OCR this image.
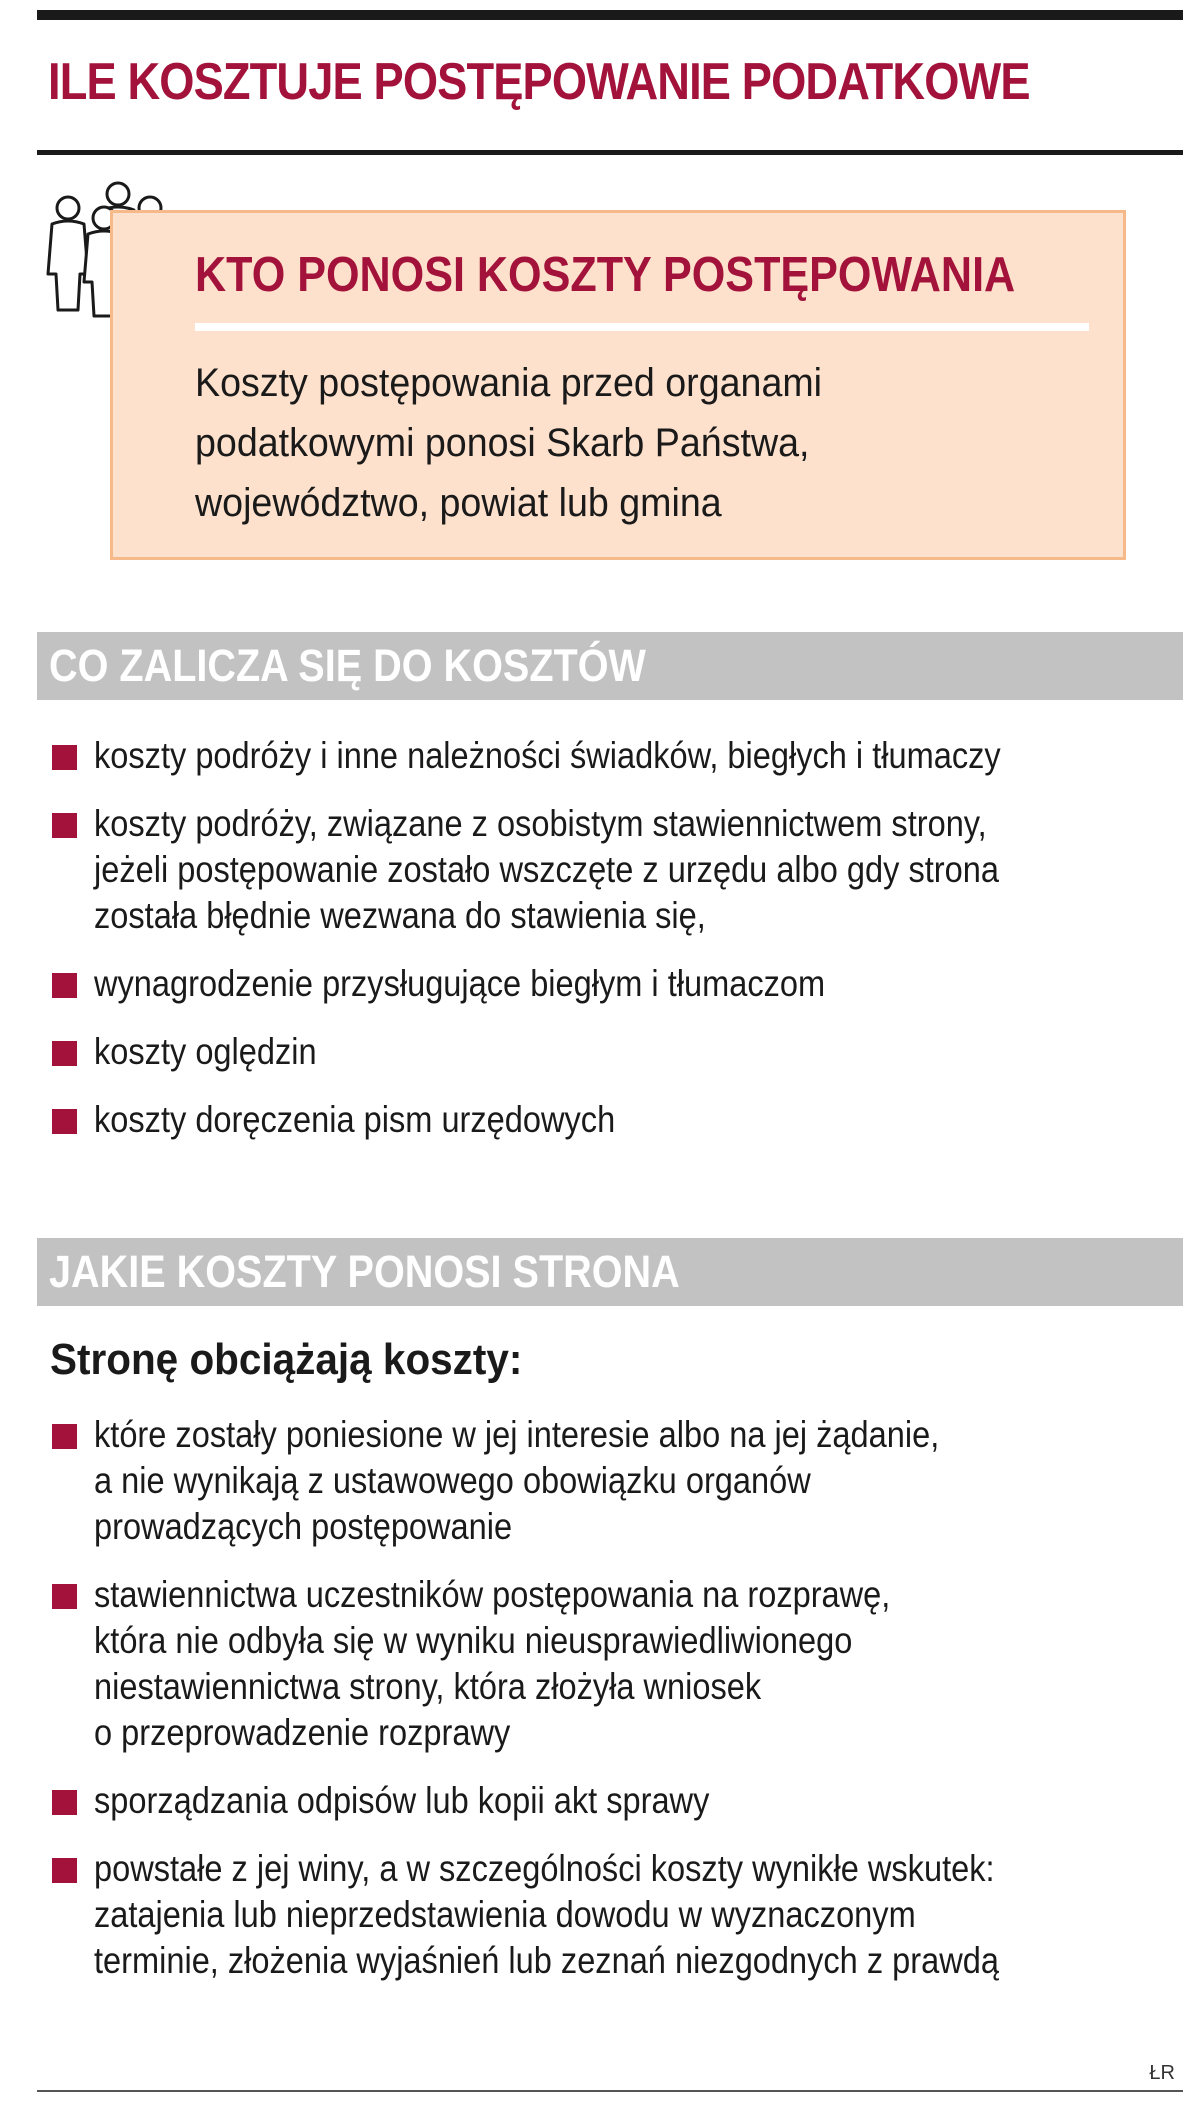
ILE KOSZTUJE POSTĘPOWANIE PODATKOWE
KTO PONOSI KOSZTY POSTĘPOWANIA
Koszty postępowania przed organami
podatkowymi ponosi Skarb Państwa,
województwo, powiat lub gmina
CO ZALICZA SIĘ DO KOSZTÓW
koszty podróży i inne należności świadków, biegłych i tłumaczy
koszty podróży, związane z osobistym stawiennictwem strony,
jeżeli postępowanie zostało wszczęte z urzędu albo gdy strona
została błędnie wezwana do stawienia się,
wynagrodzenie przysługujące biegłym i tłumaczom
koszty oględzin
koszty doręczenia pism urzędowych
JAKIE KOSZTY PONOSI STRONA
Stronę obciążają koszty:
które zostały poniesione w jej interesie albo na jej żądanie,
a nie wynikają z ustawowego obowiązku organów
prowadzących postępowanie
stawiennictwa uczestników postępowania na rozprawę,
która nie odbyła się w wyniku nieusprawiedliwionego
niestawiennictwa strony, która złożyła wniosek
o przeprowadzenie rozprawy
sporządzania odpisów lub kopii akt sprawy
powstałe z jej winy, a w szczególności koszty wynikłe wskutek:
zatajenia lub nieprzedstawienia dowodu w wyznaczonym
terminie, złożenia wyjaśnień lub zeznań niezgodnych z prawdą
ŁR
